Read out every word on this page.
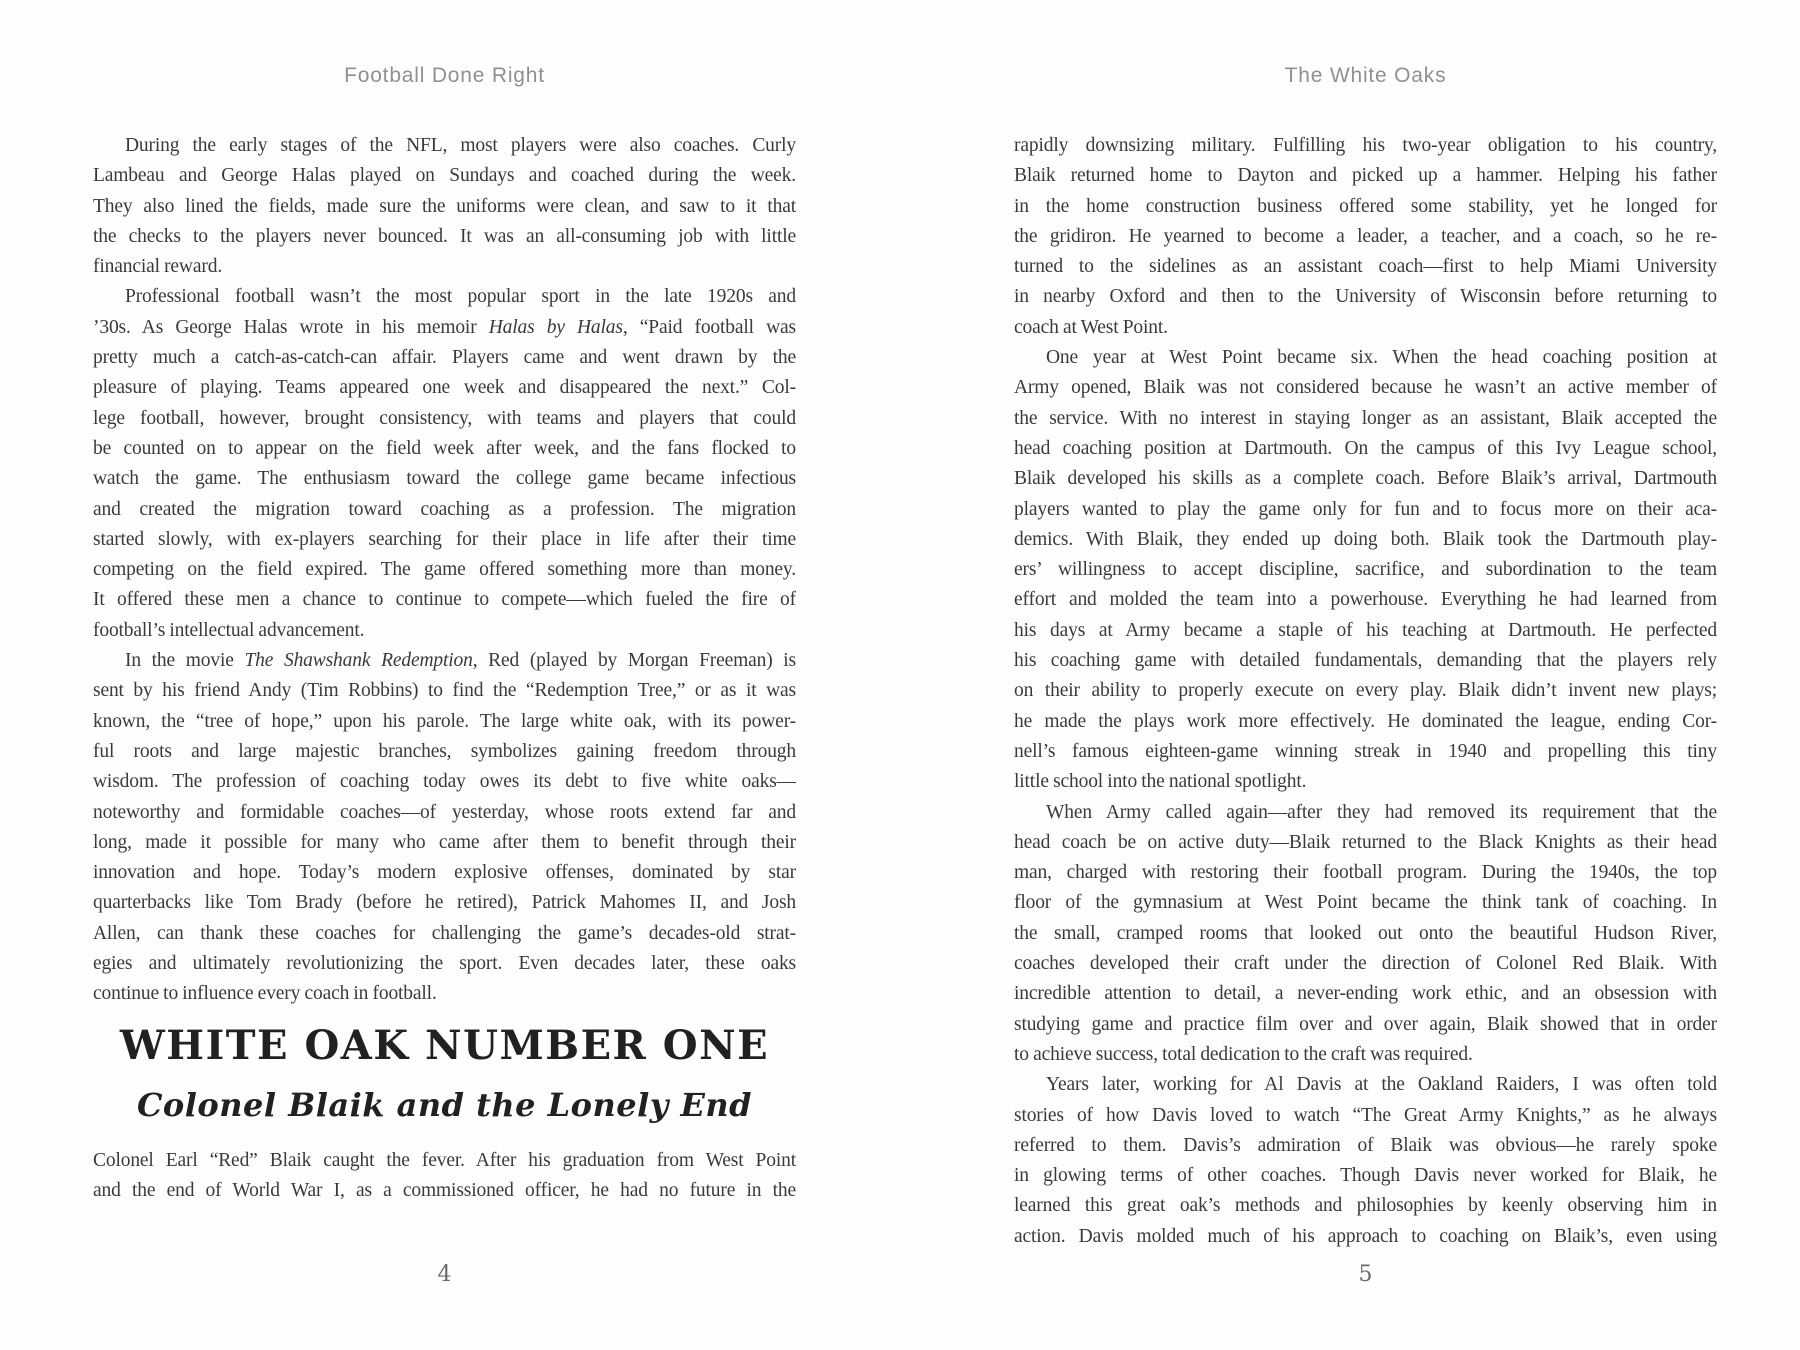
Football Done Right
During the early stages of the NFL, most players were also coaches. Curly
Lambeau and George Halas played on Sundays and coached during the week.
They also lined the fields, made sure the uniforms were clean, and saw to it that
the checks to the players never bounced. It was an all-consuming job with little
financial reward.
Professional football wasn’t the most popular sport in the late 1920s and
’30s. As George Halas wrote in his memoir Halas by Halas, “Paid football was
pretty much a catch-as-catch-can affair. Players came and went drawn by the
pleasure of playing. Teams appeared one week and disappeared the next.” Col-
lege football, however, brought consistency, with teams and players that could
be counted on to appear on the field week after week, and the fans flocked to
watch the game. The enthusiasm toward the college game became infectious
and created the migration toward coaching as a profession. The migration
started slowly, with ex-players searching for their place in life after their time
competing on the field expired. The game offered something more than money.
It offered these men a chance to continue to compete—which fueled the fire of
football’s intellectual advancement.
In the movie The Shawshank Redemption, Red (played by Morgan Freeman) is
sent by his friend Andy (Tim Robbins) to find the “Redemption Tree,” or as it was
known, the “tree of hope,” upon his parole. The large white oak, with its power-
ful roots and large majestic branches, symbolizes gaining freedom through
wisdom. The profession of coaching today owes its debt to five white oaks—
noteworthy and formidable coaches—of yesterday, whose roots extend far and
long, made it possible for many who came after them to benefit through their
innovation and hope. Today’s modern explosive offenses, dominated by star
quarterbacks like Tom Brady (before he retired), Patrick Mahomes II, and Josh
Allen, can thank these coaches for challenging the game’s decades-old strat-
egies and ultimately revolutionizing the sport. Even decades later, these oaks
continue to influence every coach in football.
WHITE OAK NUMBER ONE
Colonel Blaik and the Lonely End
Colonel Earl “Red” Blaik caught the fever. After his graduation from West Point
and the end of World War I, as a commissioned officer, he had no future in the
4
The White Oaks
rapidly downsizing military. Fulfilling his two-year obligation to his country,
Blaik returned home to Dayton and picked up a hammer. Helping his father
in the home construction business offered some stability, yet he longed for
the gridiron. He yearned to become a leader, a teacher, and a coach, so he re-
turned to the sidelines as an assistant coach—first to help Miami University
in nearby Oxford and then to the University of Wisconsin before returning to
coach at West Point.
One year at West Point became six. When the head coaching position at
Army opened, Blaik was not considered because he wasn’t an active member of
the service. With no interest in staying longer as an assistant, Blaik accepted the
head coaching position at Dartmouth. On the campus of this Ivy League school,
Blaik developed his skills as a complete coach. Before Blaik’s arrival, Dartmouth
players wanted to play the game only for fun and to focus more on their aca-
demics. With Blaik, they ended up doing both. Blaik took the Dartmouth play-
ers’ willingness to accept discipline, sacrifice, and subordination to the team
effort and molded the team into a powerhouse. Everything he had learned from
his days at Army became a staple of his teaching at Dartmouth. He perfected
his coaching game with detailed fundamentals, demanding that the players rely
on their ability to properly execute on every play. Blaik didn’t invent new plays;
he made the plays work more effectively. He dominated the league, ending Cor-
nell’s famous eighteen-game winning streak in 1940 and propelling this tiny
little school into the national spotlight.
When Army called again—after they had removed its requirement that the
head coach be on active duty—Blaik returned to the Black Knights as their head
man, charged with restoring their football program. During the 1940s, the top
floor of the gymnasium at West Point became the think tank of coaching. In
the small, cramped rooms that looked out onto the beautiful Hudson River,
coaches developed their craft under the direction of Colonel Red Blaik. With
incredible attention to detail, a never-ending work ethic, and an obsession with
studying game and practice film over and over again, Blaik showed that in order
to achieve success, total dedication to the craft was required.
Years later, working for Al Davis at the Oakland Raiders, I was often told
stories of how Davis loved to watch “The Great Army Knights,” as he always
referred to them. Davis’s admiration of Blaik was obvious—he rarely spoke
in glowing terms of other coaches. Though Davis never worked for Blaik, he
learned this great oak’s methods and philosophies by keenly observing him in
action. Davis molded much of his approach to coaching on Blaik’s, even using
5
